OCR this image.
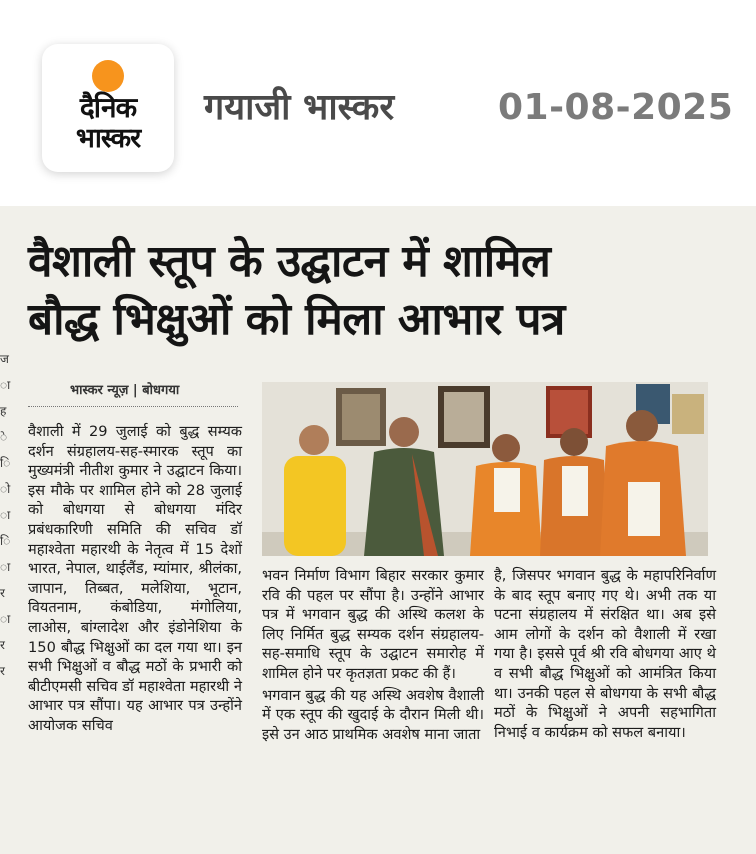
दैनिक
भास्कर
गयाजी भास्कर	01-08-2025
ज
ा
ह
े
ि
ो
ा
ि
ा
र
ा
र
र
वैशाली स्तूप के उद्घाटन में शामिल
बौद्ध भिक्षुओं को मिला आभार पत्र
भास्कर न्यूज़ | बोधगया

वैशाली में 29 जुलाई को बुद्ध सम्यक दर्शन संग्रहालय-सह-स्मारक स्तूप का मुख्यमंत्री नीतीश कुमार ने उद्घाटन किया। इस मौके पर शामिल होने को 28 जुलाई को बोधगया से बोधगया मंदिर प्रबंधकारिणी समिति की सचिव डॉ महाश्वेता महारथी के नेतृत्व में 15 देशों भारत, नेपाल, थाईलैंड, म्यांमार, श्रीलंका, जापान, तिब्बत, मलेशिया, भूटान, वियतनाम, कंबोडिया, मंगोलिया, लाओस, बांग्लादेश और इंडोनेशिया के 150 बौद्ध भिक्षुओं का दल गया था। इन सभी भिक्षुओं व बौद्ध मठों के प्रभारी को बीटीएमसी सचिव डॉ महाश्वेता महारथी ने आभार पत्र सौंपा। यह आभार पत्र उन्होंने आयोजक सचिव

भवन निर्माण विभाग बिहार सरकार कुमार रवि की पहल पर सौंपा है। उन्होंने आभार पत्र में भगवान बुद्ध की अस्थि कलश के लिए निर्मित बुद्ध सम्यक दर्शन संग्रहालय-सह-समाधि स्तूप के उद्घाटन समारोह में शामिल होने पर कृतज्ञता प्रकट की हैं।

भगवान बुद्ध की यह अस्थि अवशेष वैशाली में एक स्तूप की खुदाई के दौरान मिली थी। इसे उन आठ प्राथमिक अवशेष माना जाता

है, जिसपर भगवान बुद्ध के महापरिनिर्वाण के बाद स्तूप बनाए गए थे। अभी तक या पटना संग्रहालय में संरक्षित था। अब इसे आम लोगों के दर्शन को वैशाली में रखा गया है। इससे पूर्व श्री रवि बोधगया आए थे व सभी बौद्ध भिक्षुओं को आमंत्रित किया था। उनकी पहल से बोधगया के सभी बौद्ध मठों के भिक्षुओं ने अपनी सहभागिता निभाई व कार्यक्रम को सफल बनाया।
